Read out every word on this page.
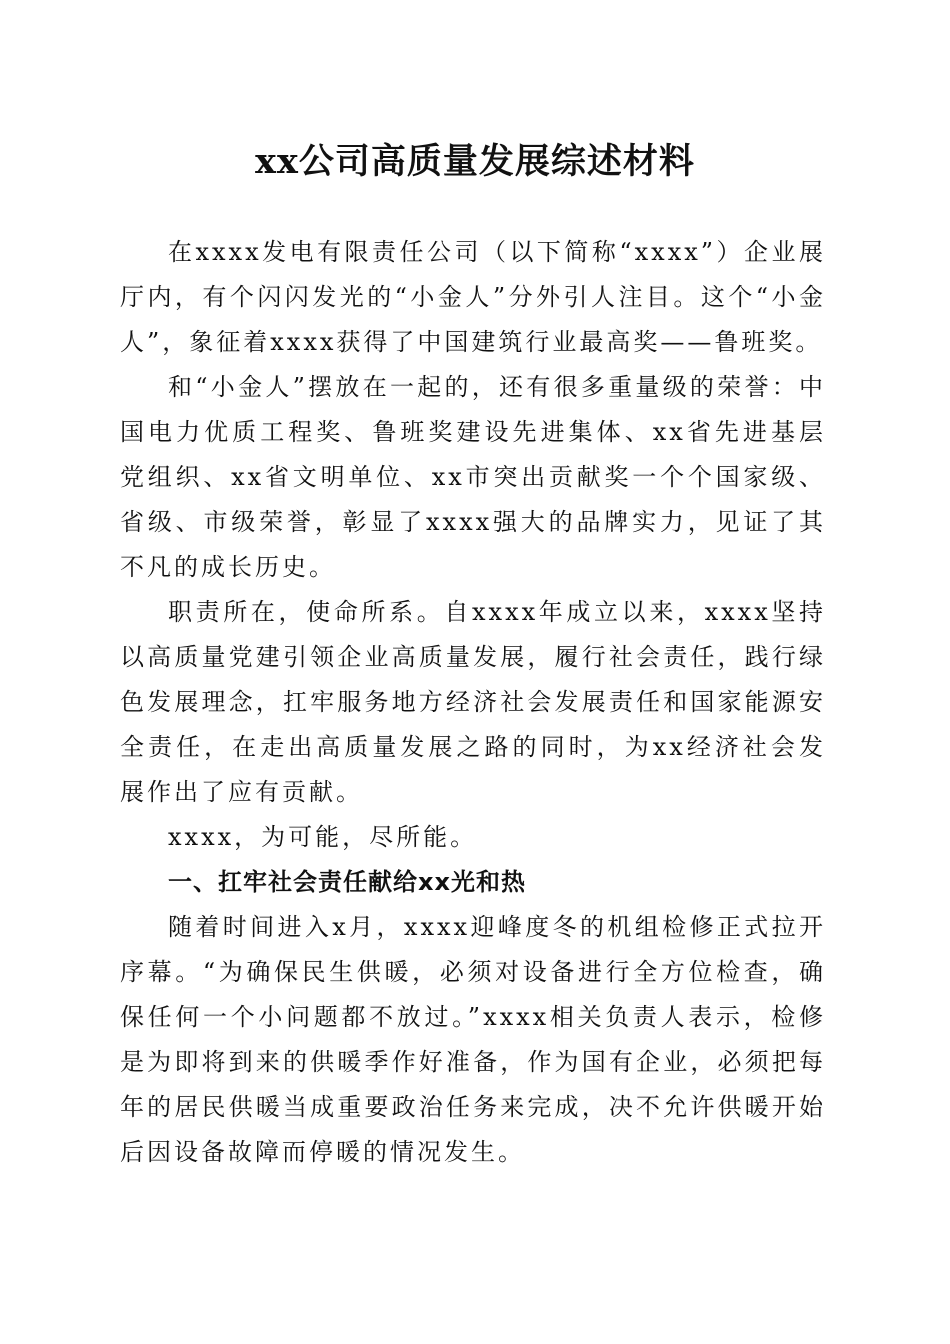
xx公司高质量发展综述材料

在xxxx发电有限责任公司（以下简称“xxxx”）企业展厅内，有个闪闪发光的“小金人”分外引人注目。这个“小金人”，象征着xxxx获得了中国建筑行业最高奖——鲁班奖。

和“小金人”摆放在一起的，还有很多重量级的荣誉：中国电力优质工程奖、鲁班奖建设先进集体、xx省先进基层党组织、xx省文明单位、xx市突出贡献奖一个个国家级、省级、市级荣誉，彰显了xxxx强大的品牌实力，见证了其不凡的成长历史。

职责所在，使命所系。自xxxx年成立以来，xxxx坚持以高质量党建引领企业高质量发展，履行社会责任，践行绿色发展理念，扛牢服务地方经济社会发展责任和国家能源安全责任，在走出高质量发展之路的同时，为xx经济社会发展作出了应有贡献。

xxxx，为可能，尽所能。

一、扛牢社会责任献给xx光和热

随着时间进入x月，xxxx迎峰度冬的机组检修正式拉开序幕。“为确保民生供暖，必须对设备进行全方位检查，确保任何一个小问题都不放过。”xxxx相关负责人表示，检修是为即将到来的供暖季作好准备，作为国有企业，必须把每年的居民供暖当成重要政治任务来完成，决不允许供暖开始后因设备故障而停暖的情况发生。
